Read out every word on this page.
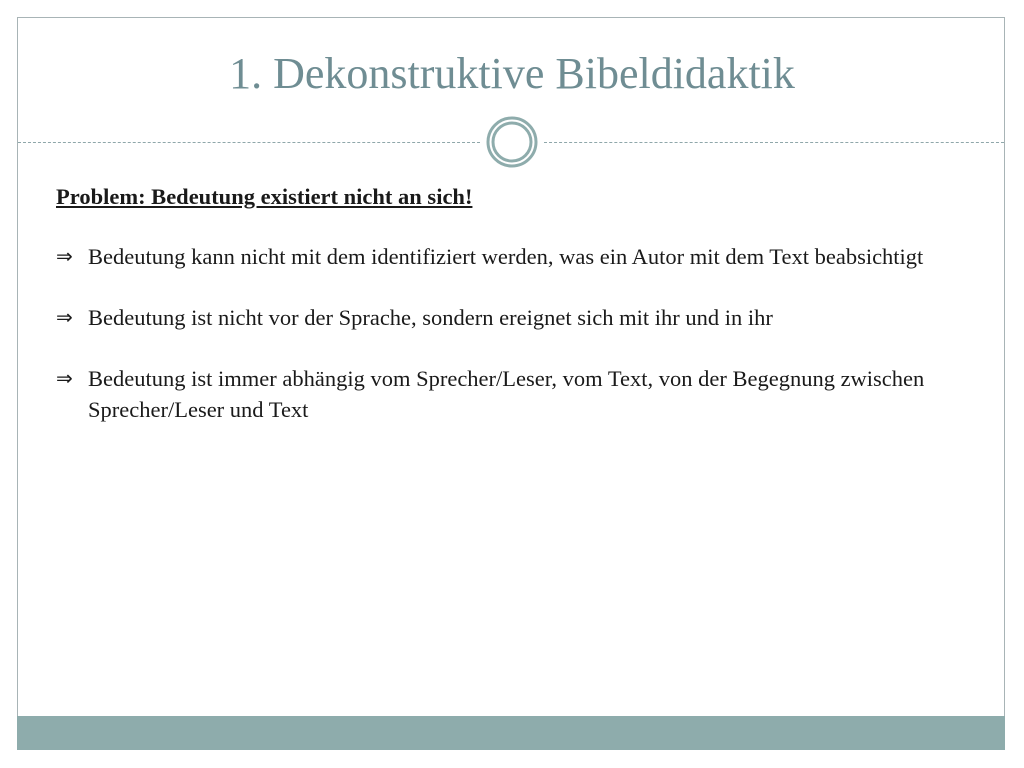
1. Dekonstruktive Bibeldidaktik

Problem: Bedeutung existiert nicht an sich!

⇒ Bedeutung kann nicht mit dem identifiziert werden, was ein Autor mit dem Text beabsichtigt
⇒ Bedeutung ist nicht vor der Sprache, sondern ereignet sich mit ihr und in ihr
⇒ Bedeutung ist immer abhängig vom Sprecher/Leser, vom Text, von der Begegnung zwischen Sprecher/Leser und Text
